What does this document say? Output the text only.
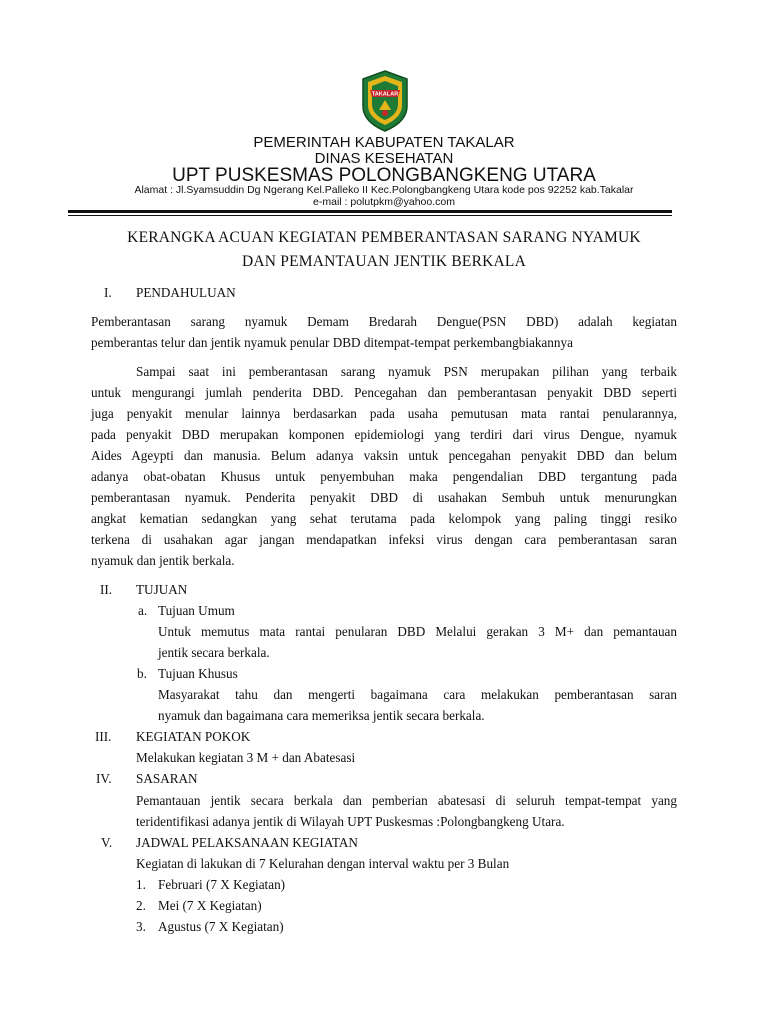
TAKALAR
PEMERINTAH KABUPATEN TAKALAR
DINAS KESEHATAN
UPT PUSKESMAS POLONGBANGKENG UTARA
Alamat : Jl.Syamsuddin Dg Ngerang Kel.Palleko II Kec.Polongbangkeng Utara kode pos 92252 kab.Takalar
e-mail : polutpkm@yahoo.com
KERANGKA ACUAN KEGIATAN PEMBERANTASAN SARANG NYAMUK
DAN PEMANTAUAN JENTIK BERKALA
I. PENDAHULUAN
Pemberantasan sarang nyamuk Demam Bredarah Dengue(PSN DBD) adalah kegiatan
pemberantas telur dan jentik nyamuk penular DBD ditempat-tempat perkembangbiakannya
Sampai saat ini pemberantasan sarang nyamuk PSN merupakan pilihan yang terbaik
untuk mengurangi jumlah penderita DBD. Pencegahan dan pemberantasan penyakit DBD seperti
juga penyakit menular lainnya berdasarkan pada usaha pemutusan mata rantai penularannya,
pada penyakit DBD merupakan komponen epidemiologi yang terdiri dari virus Dengue, nyamuk
Aides Ageypti dan manusia. Belum adanya vaksin untuk pencegahan penyakit DBD dan belum
adanya obat-obatan Khusus untuk penyembuhan maka pengendalian DBD tergantung pada
pemberantasan nyamuk. Penderita penyakit DBD di usahakan Sembuh untuk menurungkan
angkat kematian sedangkan yang sehat terutama pada kelompok yang paling tinggi resiko
terkena di usahakan agar jangan mendapatkan infeksi virus dengan cara pemberantasan saran
nyamuk dan jentik berkala.
II. TUJUAN
a. Tujuan Umum
Untuk memutus mata rantai penularan DBD Melalui gerakan 3 M+ dan pemantauan
jentik secara berkala.
b. Tujuan Khusus
Masyarakat tahu dan mengerti bagaimana cara melakukan pemberantasan saran
nyamuk dan bagaimana cara memeriksa jentik secara berkala.
III. KEGIATAN POKOK
Melakukan kegiatan 3 M + dan Abatesasi
IV. SASARAN
Pemantauan jentik secara berkala dan pemberian abatesasi di seluruh tempat-tempat yang
teridentifikasi adanya jentik di Wilayah UPT Puskesmas :Polongbangkeng Utara.
V. JADWAL PELAKSANAAN KEGIATAN
Kegiatan di lakukan di 7 Kelurahan dengan interval waktu per 3 Bulan
1. Februari (7 X Kegiatan)
2. Mei (7 X Kegiatan)
3. Agustus (7 X Kegiatan)
